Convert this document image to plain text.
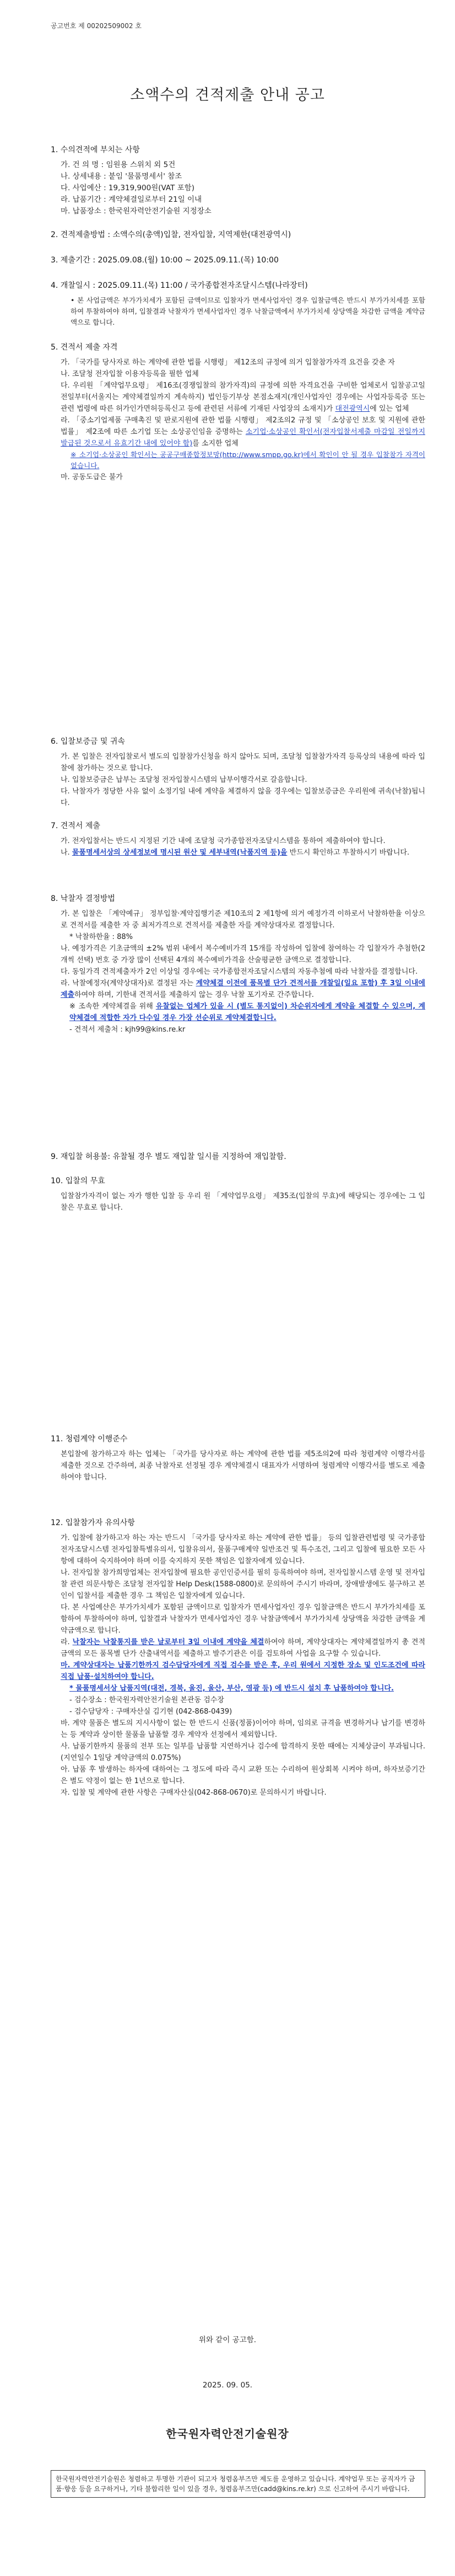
공고번호 제 00202509002 호
소액수의 견적제출 안내 공고
1. 수의견적에 부치는 사항
가. 건 의 명 : 임원용 스위치 외 5건
나. 상세내용 : 붙임 '물품명세서' 참조
다. 사업예산 : 19,319,900원(VAT 포함)
라. 납품기간 : 계약체결일로부터 21일 이내
마. 납품장소 : 한국원자력안전기술원 지정장소
2. 견적제출방법 : 소액수의(총액)입찰, 전자입찰, 지역제한(대전광역시)
3. 제출기간 : 2025.09.08.(월) 10:00 ~ 2025.09.11.(목) 10:00
4. 개찰일시 : 2025.09.11.(목) 11:00 / 국가종합전자조달시스템(나라장터)
• 본 사업금액은 부가가치세가 포함된 금액이므로 입찰자가 면세사업자인 경우 입찰금액은 반드시 부가가치세를 포함하여 투찰하여야 하며, 입찰결과 낙찰자가 면세사업자인 경우 낙찰금액에서 부가가치세 상당액을 차감한 금액을 계약금액으로 합니다.
5. 견적서 제출 자격
가. 「국가를 당사자로 하는 계약에 관한 법률 시행령」 제12조의 규정에 의거 입찰참가자격 요건을 갖춘 자
나. 조달청 전자입찰 이용자등록을 필한 업체
다. 우리원 「계약업무요령」 제16조(경쟁입찰의 참가자격)의 규정에 의한 자격요건을 구비한 업체로서 입찰공고일 전일부터(서울지는 계약체결일까지 계속하지) 법인등기부상 본점소재지(개인사업자인 경우에는 사업자등록증 또는 관련 법령에 따른 허가인가면허등록신고 등에 관련된 서류에 기재된 사업장의 소재지)가 대전광역시에 있는 업체
라. 「중소기업제품 구매촉진 및 판로지원에 관한 법률 시행령」 제2조의2 규정 및 「소상공인 보호 및 지원에 관한 법률」 제2조에 따른 소기업 또는 소상공인임을 증명하는 소기업·소상공인 확인서(전자입찰서제출 마감일 전일까지 발급된 것으로서 유효기간 내에 있어야 함)를 소지한 업체
※ 소기업·소상공인 확인서는 공공구매종합정보망(http://www.smpp.go.kr)에서 확인이 안 될 경우 입찰참가 자격이 없습니다.
마. 공동도급은 불가
6. 입찰보증금 및 귀속
가. 본 입찰은 전자입찰로서 별도의 입찰참가신청을 하지 않아도 되며, 조달청 입찰참가자격 등록상의 내용에 따라 입찰에 참가하는 것으로 합니다.
나. 입찰보증금은 납부는 조달청 전자입찰시스템의 납부이행각서로 갈음합니다.
다. 낙찰자가 정당한 사유 없이 소정기일 내에 계약을 체결하지 않을 경우에는 입찰보증금은 우리원에 귀속(낙찰)됩니다.
7. 견적서 제출
가. 전자입찰서는 반드시 지정된 기간 내에 조달청 국가종합전자조달시스템을 통하여 제출하여야 합니다.
나. 물품명세서상의 상세정보에 명시된 원산 및 세부내역(낙품지역 등)을 반드시 확인하고 투찰하시기 바랍니다.
8. 낙찰자 결정방법
가. 본 입찰은 「계약예규」 정부입찰·계약집행기준 제10조의 2 제1항에 의거 예정가격 이하로서 낙찰하한율 이상으로 견적서를 제출한 자 중 최저가격으로 견적서를 제출한 자를 계약상대자로 결정합니다.
* 낙찰하한율 : 88%
나. 예정가격은 기초금액의 ±2% 범위 내에서 복수예비가격 15개를 작성하여 입찰에 참여하는 각 입찰자가 추첨한(2개씩 선택) 번호 중 가장 많이 선택된 4개의 복수예비가격을 산술평균한 금액으로 결정합니다.
다. 동일가격 견적제출자가 2인 이상일 경우에는 국가종합전자조달시스템의 자동추첨에 따라 낙찰자를 결정합니다.
라. 낙찰예정자(계약상대자)로 결정된 자는 계약체결 이전에 품목별 단가 견적서를 개찰일(일요 포함) 후 3일 이내에 제출하여야 하며, 기한내 견적서를 제출하지 않는 경우 낙찰 포기자로 간주합니다.
※ 조속한 계약체결을 위해 유찰없는 업체가 있을 시 (별도 통지없이) 차순위자에게 계약을 체결할 수 있으며, 계약체결에 적합한 자가 다수일 경우 가장 선순위로 계약체결합니다.
- 견적서 제출처 : kjh99@kins.re.kr
9. 재입찰 허용불: 유찰될 경우 별도 재입찰 일시를 지정하여 재입찰함.
10. 입찰의 무효
입찰참가자격이 없는 자가 행한 입찰 등 우리 원 「계약업무요령」 제35조(입찰의 무효)에 해당되는 경우에는 그 입찰은 무효로 합니다.
11. 청렴계약 이행준수
본입찰에 참가하고자 하는 업체는 「국가를 당사자로 하는 계약에 관한 법률 제5조의2에 따라 청렴계약 이행각서를 제출한 것으로 간주하며, 최종 낙찰자로 선정될 경우 계약체결시 대표자가 서명하여 청렴계약 이행각서를 별도로 제출하여야 합니다.
12. 입찰참가자 유의사항
가. 입찰에 참가하고자 하는 자는 반드시 「국가를 당사자로 하는 계약에 관한 법률」 등의 입찰관련법령 및 국가종합전자조달시스템 전자입찰특별유의서, 입찰유의서, 물품구매계약 일반조건 및 특수조건, 그리고 입찰에 필요한 모든 사항에 대하여 숙지하여야 하며 이를 숙지하지 못한 책임은 입찰자에게 있습니다.
나. 전자입찰 참가희망업체는 전자입찰에 필요한 공인인증서를 필히 등록하여야 하며, 전자입찰시스템 운영 및 전자입찰 관련 의문사항은 조달청 전자입찰 Help Desk(1588-0800)로 문의하여 주시기 바라며, 장애발생에도 불구하고 본인이 입찰서를 제출한 경우 그 책임은 입찰자에게 있습니다.
다. 본 사업예산은 부가가치세가 포함된 금액이므로 입찰자가 면세사업자인 경우 입찰금액은 반드시 부가가치세를 포함하여 투찰하여야 하며, 입찰결과 낙찰자가 면세사업자인 경우 낙찰금액에서 부가가치세 상당액을 차감한 금액을 계약금액으로 합니다.
라. 낙찰자는 낙찰통지를 받은 날로부터 3일 이내에 계약을 체결하여야 하며, 계약상대자는 계약체결일까지 총 견적금액의 모든 품목별 단가 산출내역서를 제출하고 발주기관은 이를 검토하여 사업을 요구할 수 있습니다.
마. 계약상대자는 납품기한까지 검수담당자에게 직접 검수를 받은 후, 우리 원에서 지정한 장소 및 인도조건에 따라 직접 납품·설치하여야 합니다.
* 물품명세서상 납품지역(대전, 경북, 울진, 울산, 부산, 영광 등) 에 반드시 설치 후 납품하여야 합니다.
- 검수장소 : 한국원자력안전기술원 본관동 검수장
- 검수담당자 : 구매자산실 김기현 (042-868-0439)
바. 계약 물품은 별도의 지시사항이 없는 한 반드시 신품(정품)이어야 하며, 임의로 규격을 변경하거나 납기를 변경하는 등 계약과 상이한 물품을 납품할 경우 계약자 선정에서 제외합니다.
사. 납품기한까지 물품의 전부 또는 일부를 납품할 지연하거나 검수에 합격하지 못한 때에는 지체상금이 부과됩니다.(지연일수 1일당 계약금액의 0.075%)
아. 납품 후 발생하는 하자에 대하여는 그 정도에 따라 즉시 교환 또는 수리하여 원상회복 시켜야 하며, 하자보증기간은 별도 약정이 없는 한 1년으로 합니다.
자. 입찰 및 계약에 관한 사항은 구매자산실(042-868-0670)로 문의하시기 바랍니다.
위와 같이 공고함.
2025. 09. 05.
한국원자력안전기술원장
한국원자력안전기술원은 청렴하고 투명한 기관이 되고자 청렴옴부즈만 제도를 운영하고 있습니다. 계약업무 또는 공직자가 금품·향응 등을 요구하거나, 기타 불합리한 일이 있을 경우, 청렴옴부즈만(cadd@kins.re.kr) 으로 신고하여 주시기 바랍니다.
